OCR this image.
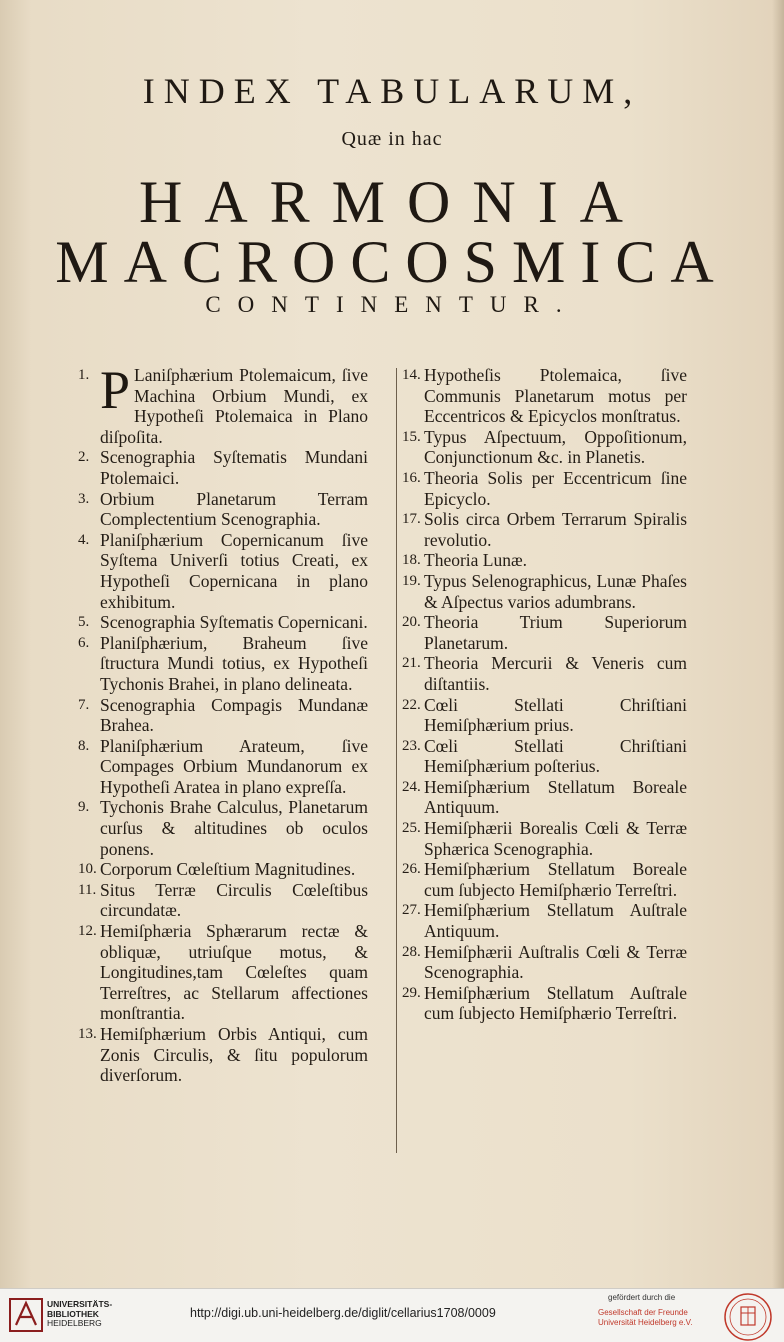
INDEX TABULARUM,
Quæ in hac
HARMONIA
MACROCOSMICA
CONTINENTUR.
1. P Laniſphærium Ptolemaicum, ſive Machina Orbium Mundi, ex Hypotheſi Ptolemaica in Plano diſpoſita.
2. Scenographia Syſtematis Mundani Ptolemaici.
3. Orbium Planetarum Terram Complectentium Scenographia.
4. Planiſphærium Copernicanum ſive Syſtema Univerſi totius Creati, ex Hypotheſi Copernicana in plano exhibitum.
5. Scenographia Syſtematis Copernicani.
6. Planiſphærium, Braheum ſive ſtructura Mundi totius, ex Hypotheſi Tychonis Brahei, in plano delineata.
7. Scenographia Compagis Mundanæ Brahea.
8. Planiſphærium Arateum, ſive Compages Orbium Mundanorum ex Hypotheſi Aratea in plano expreſſa.
9. Tychonis Brahe Calculus, Planetarum curſus & altitudines ob oculos ponens.
10. Corporum Cœleſtium Magnitudines.
11. Situs Terræ Circulis Cœleſtibus circundatæ.
12. Hemiſphæria Sphærarum rectæ & obliquæ, utriuſque motus, & Longitudines,tam Cœleſtes quam Terreſtres, ac Stellarum affectiones monſtrantia.
13. Hemiſphærium Orbis Antiqui, cum Zonis Circulis, & ſitu populorum diverſorum.
14. Hypotheſis Ptolemaica, ſive Communis Planetarum motus per Eccentricos & Epicyclos monſtratus.
15. Typus Aſpectuum, Oppoſitionum, Conjunctionum &c. in Planetis.
16. Theoria Solis per Eccentricum ſine Epicyclo.
17. Solis circa Orbem Terrarum Spiralis revolutio.
18. Theoria Lunæ.
19. Typus Selenographicus, Lunæ Phaſes & Aſpectus varios adumbrans.
20. Theoria Trium Superiorum Planetarum.
21. Theoria Mercurii & Veneris cum diſtantiis.
22. Cœli Stellati Chriſtiani Hemiſphærium prius.
23. Cœli Stellati Chriſtiani Hemiſphærium poſterius.
24. Hemiſphærium Stellatum Boreale Antiquum.
25. Hemiſphærii Borealis Cœli & Terræ Sphærica Scenographia.
26. Hemiſphærium Stellatum Boreale cum ſubjecto Hemiſphærio Terreſtri.
27. Hemiſphærium Stellatum Auſtrale Antiquum.
28. Hemiſphærii Auſtralis Cœli & Terræ Scenographia.
29. Hemiſphærium Stellatum Auſtrale cum ſubjecto Hemiſphærio Terreſtri.
UNIVERSITÄTS-
BIBLIOTHEK
HEIDELBERG
http://digi.ub.uni-heidelberg.de/diglit/cellarius1708/0009
gefördert durch die
Gesellschaft der Freunde
Universität Heidelberg e.V.
